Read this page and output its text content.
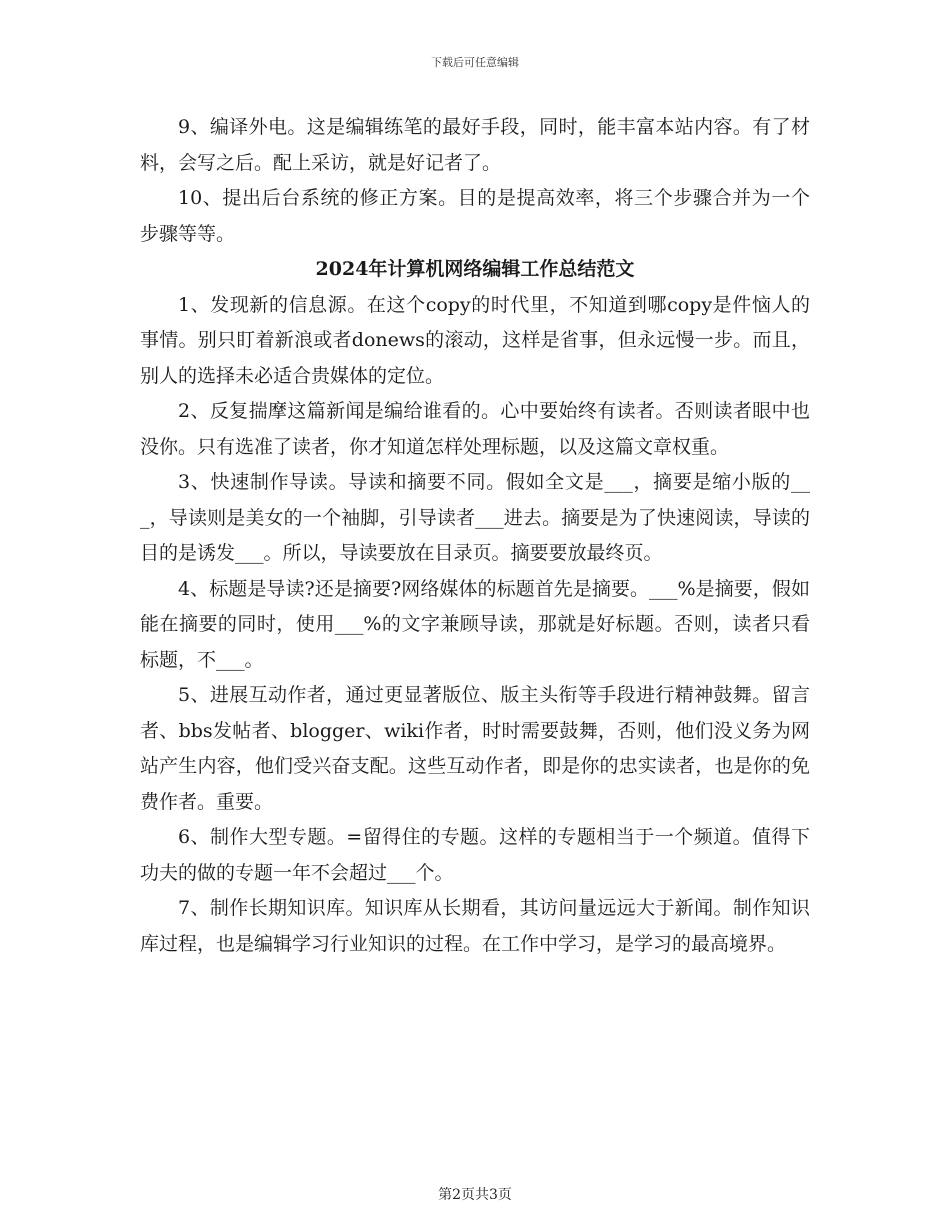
下载后可任意编辑

9、编译外电。这是编辑练笔的最好手段，同时，能丰富本站内容。有了材料，会写之后。配上采访，就是好记者了。

10、提出后台系统的修正方案。目的是提高效率，将三个步骤合并为一个步骤等等。

2024年计算机网络编辑工作总结范文

1、发现新的信息源。在这个copy的时代里，不知道到哪copy是件恼人的事情。别只盯着新浪或者donews的滚动，这样是省事，但永远慢一步。而且，别人的选择未必适合贵媒体的定位。

2、反复揣摩这篇新闻是编给谁看的。心中要始终有读者。否则读者眼中也没你。只有选准了读者，你才知道怎样处理标题，以及这篇文章权重。

3、快速制作导读。导读和摘要不同。假如全文是___，摘要是缩小版的___，导读则是美女的一个袖脚，引导读者___进去。摘要是为了快速阅读，导读的目的是诱发___。所以，导读要放在目录页。摘要要放最终页。

4、标题是导读?还是摘要?网络媒体的标题首先是摘要。___%是摘要，假如能在摘要的同时，使用___%的文字兼顾导读，那就是好标题。否则，读者只看标题，不___。

5、进展互动作者，通过更显著版位、版主头衔等手段进行精神鼓舞。留言者、bbs发帖者、blogger、wiki作者，时时需要鼓舞，否则，他们没义务为网站产生内容，他们受兴奋支配。这些互动作者，即是你的忠实读者，也是你的免费作者。重要。

6、制作大型专题。=留得住的专题。这样的专题相当于一个频道。值得下功夫的做的专题一年不会超过___个。

7、制作长期知识库。知识库从长期看，其访问量远远大于新闻。制作知识库过程，也是编辑学习行业知识的过程。在工作中学习，是学习的最高境界。

第2页共3页
